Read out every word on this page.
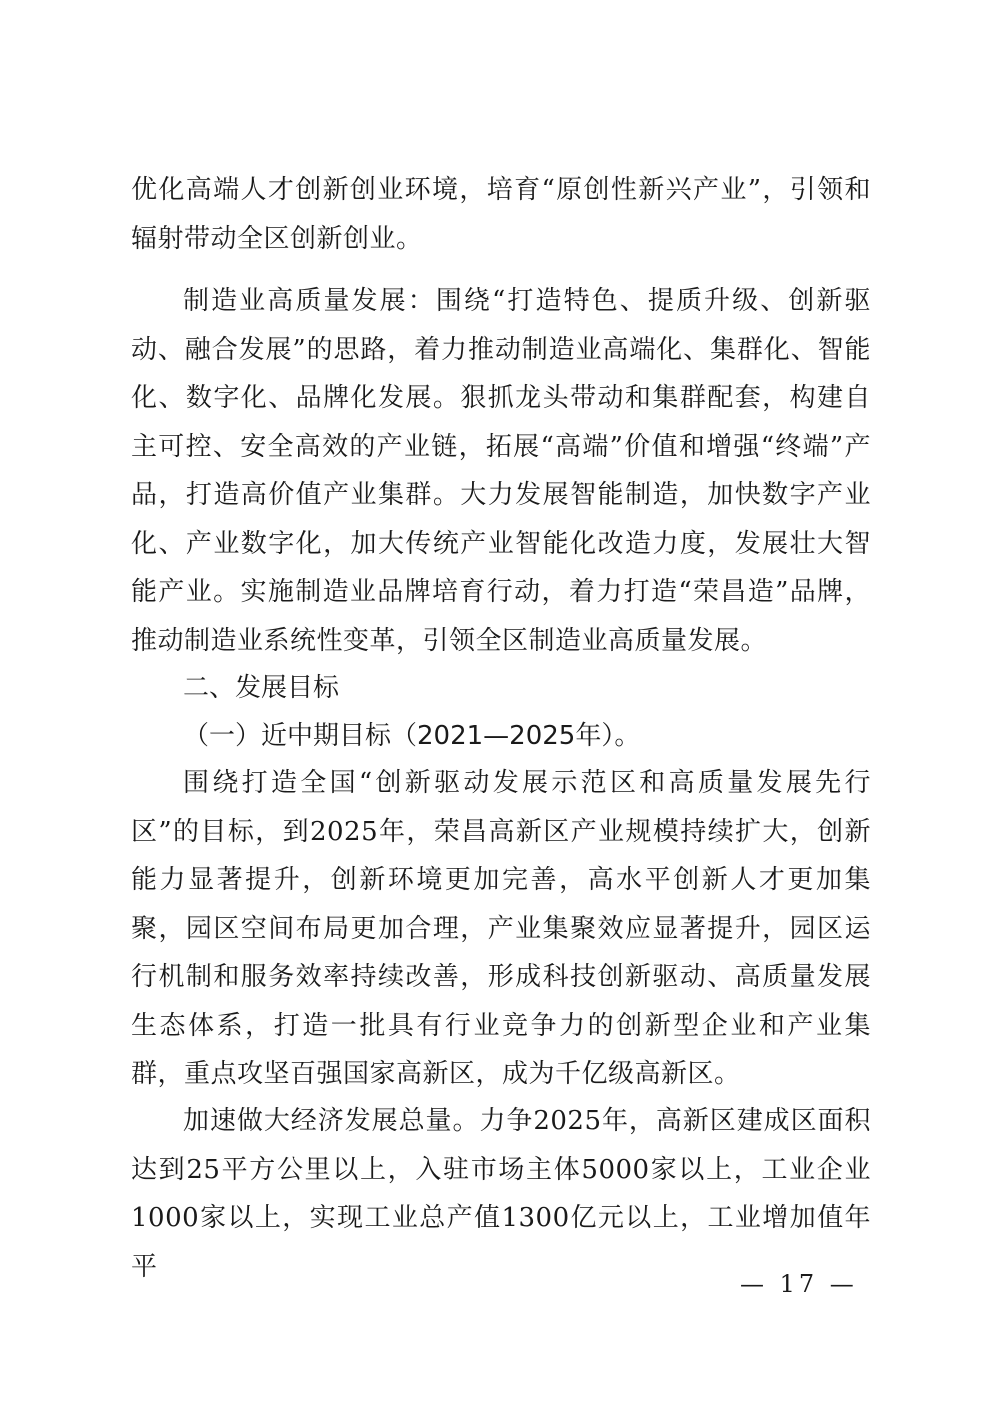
优化高端人才创新创业环境，培育“原创性新兴产业”，引领和辐射带动全区创新创业。

制造业高质量发展：围绕“打造特色、提质升级、创新驱动、融合发展”的思路，着力推动制造业高端化、集群化、智能化、数字化、品牌化发展。狠抓龙头带动和集群配套，构建自主可控、安全高效的产业链，拓展“高端”价值和增强“终端”产品，打造高价值产业集群。大力发展智能制造，加快数字产业化、产业数字化，加大传统产业智能化改造力度，发展壮大智能产业。实施制造业品牌培育行动，着力打造“荣昌造”品牌，推动制造业系统性变革，引领全区制造业高质量发展。

二、发展目标
（一）近中期目标（2021—2025年）。

围绕打造全国“创新驱动发展示范区和高质量发展先行区”的目标，到2025年，荣昌高新区产业规模持续扩大，创新能力显著提升，创新环境更加完善，高水平创新人才更加集聚，园区空间布局更加合理，产业集聚效应显著提升，园区运行机制和服务效率持续改善，形成科技创新驱动、高质量发展生态体系，打造一批具有行业竞争力的创新型企业和产业集群，重点攻坚百强国家高新区，成为千亿级高新区。

加速做大经济发展总量。力争2025年，高新区建成区面积达到25平方公里以上，入驻市场主体5000家以上，工业企业1000家以上，实现工业总产值1300亿元以上，工业增加值年平

— 17 —
